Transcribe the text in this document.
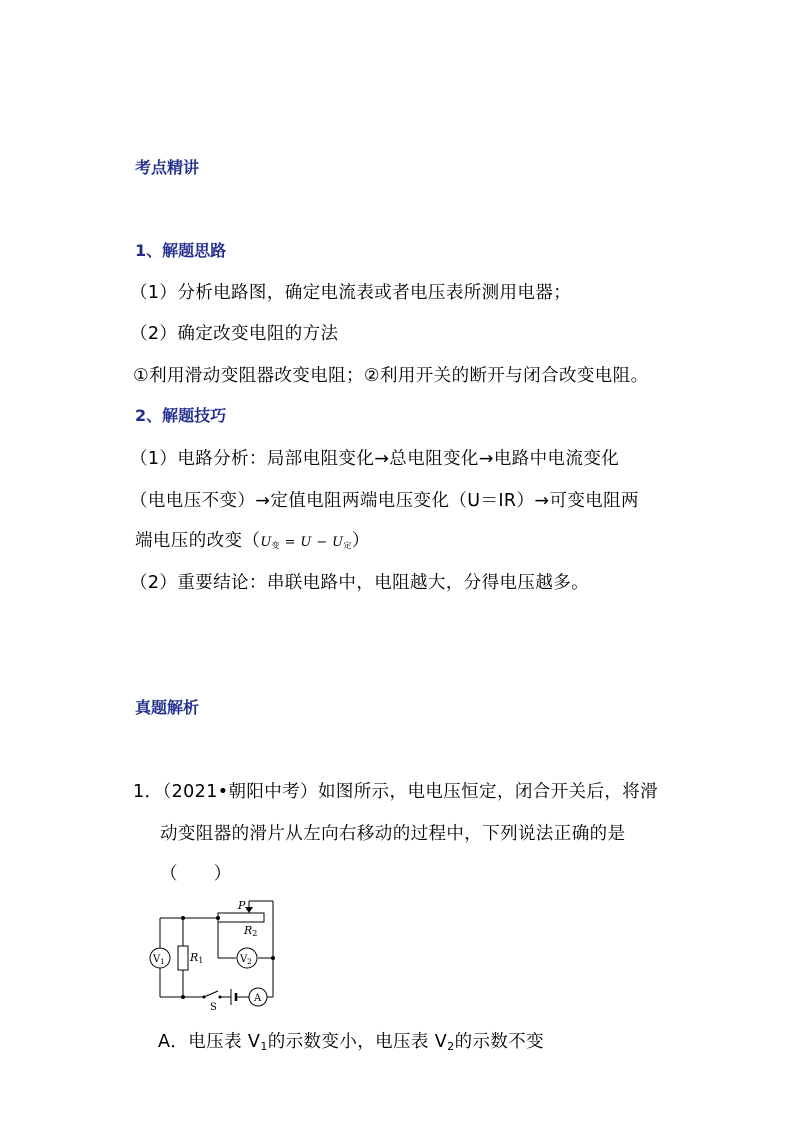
考点精讲
1、解题思路
（1）分析电路图，确定电流表或者电压表所测用电器；
（2）确定改变电阻的方法
①利用滑动变阻器改变电阻；②利用开关的断开与闭合改变电阻。
2、解题技巧
（1）电路分析：局部电阻变化→总电阻变化→电路中电流变化
（电电压不变）→定值电阻两端电压变化（U＝IR）→可变电阻两
端电压的改变（U变 = U − U定）
（2）重要结论：串联电路中，电阻越大，分得电压越多。
真题解析
1．（2021•朝阳中考）如图所示，电电压恒定，闭合开关后，将滑
动变阻器的滑片从左向右移动的过程中，下列说法正确的是
（　　）
P
R2
R1
$V_1$	$V_2$
A
S
A．电压表 $V_1$的示数变小，电压表 $V_2$的示数不变
